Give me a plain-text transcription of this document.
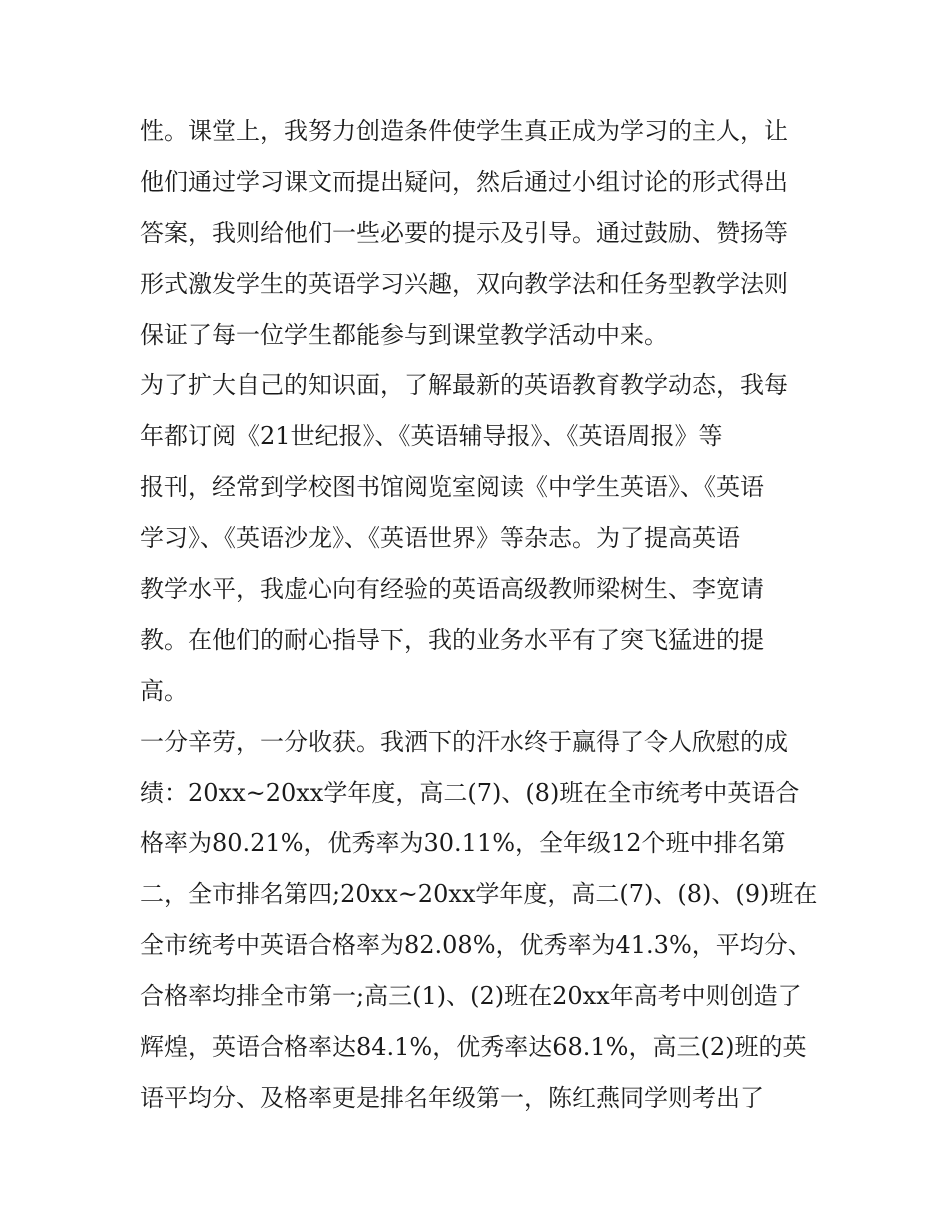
性。课堂上，我努力创造条件使学生真正成为学习的主人，让
他们通过学习课文而提出疑问，然后通过小组讨论的形式得出
答案，我则给他们一些必要的提示及引导。通过鼓励、赞扬等
形式激发学生的英语学习兴趣，双向教学法和任务型教学法则
保证了每一位学生都能参与到课堂教学活动中来。
为了扩大自己的知识面，了解最新的英语教育教学动态，我每
年都订阅《21世纪报》、《英语辅导报》、《英语周报》等
报刊，经常到学校图书馆阅览室阅读《中学生英语》、《英语
学习》、《英语沙龙》、《英语世界》等杂志。为了提高英语
教学水平，我虚心向有经验的英语高级教师梁树生、李宽请
教。在他们的耐心指导下，我的业务水平有了突飞猛进的提
高。
一分辛劳，一分收获。我洒下的汗水终于赢得了令人欣慰的成
绩：20xx~20xx学年度，高二(7)、(8)班在全市统考中英语合
格率为80.21%，优秀率为30.11%，全年级12个班中排名第
二，全市排名第四;20xx~20xx学年度，高二(7)、(8)、(9)班在
全市统考中英语合格率为82.08%，优秀率为41.3%，平均分、
合格率均排全市第一;高三(1)、(2)班在20xx年高考中则创造了
辉煌，英语合格率达84.1%，优秀率达68.1%，高三(2)班的英
语平均分、及格率更是排名年级第一，陈红燕同学则考出了
